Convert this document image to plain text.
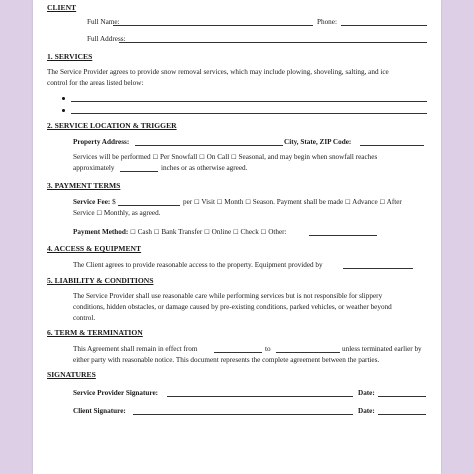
CLIENT
Full Name:	Phone:
Full Address:
1. SERVICES
The Service Provider agrees to provide snow removal services, which may include plowing, shoveling, salting, and ice
control for the areas listed below:
2. SERVICE LOCATION & TRIGGER
Property Address:	City, State, ZIP Code:
Services will be performed ☐ Per Snowfall ☐ On Call ☐ Seasonal, and may begin when snowfall reaches
approximately	inches or as otherwise agreed.
3. PAYMENT TERMS
Service Fee: $	per ☐ Visit ☐ Month ☐ Season. Payment shall be made ☐ Advance ☐ After
Service ☐ Monthly, as agreed.
Payment Method: ☐ Cash ☐ Bank Transfer ☐ Online ☐ Check ☐ Other:
4. ACCESS & EQUIPMENT
The Client agrees to provide reasonable access to the property. Equipment provided by
5. LIABILITY & CONDITIONS
The Service Provider shall use reasonable care while performing services but is not responsible for slippery
conditions, hidden obstacles, or damage caused by pre-existing conditions, parked vehicles, or weather beyond
control.
6. TERM & TERMINATION
This Agreement shall remain in effect from	to	unless terminated earlier by
either party with reasonable notice. This document represents the complete agreement between the parties.
SIGNATURES
Service Provider Signature:	Date:
Client Signature:	Date:
